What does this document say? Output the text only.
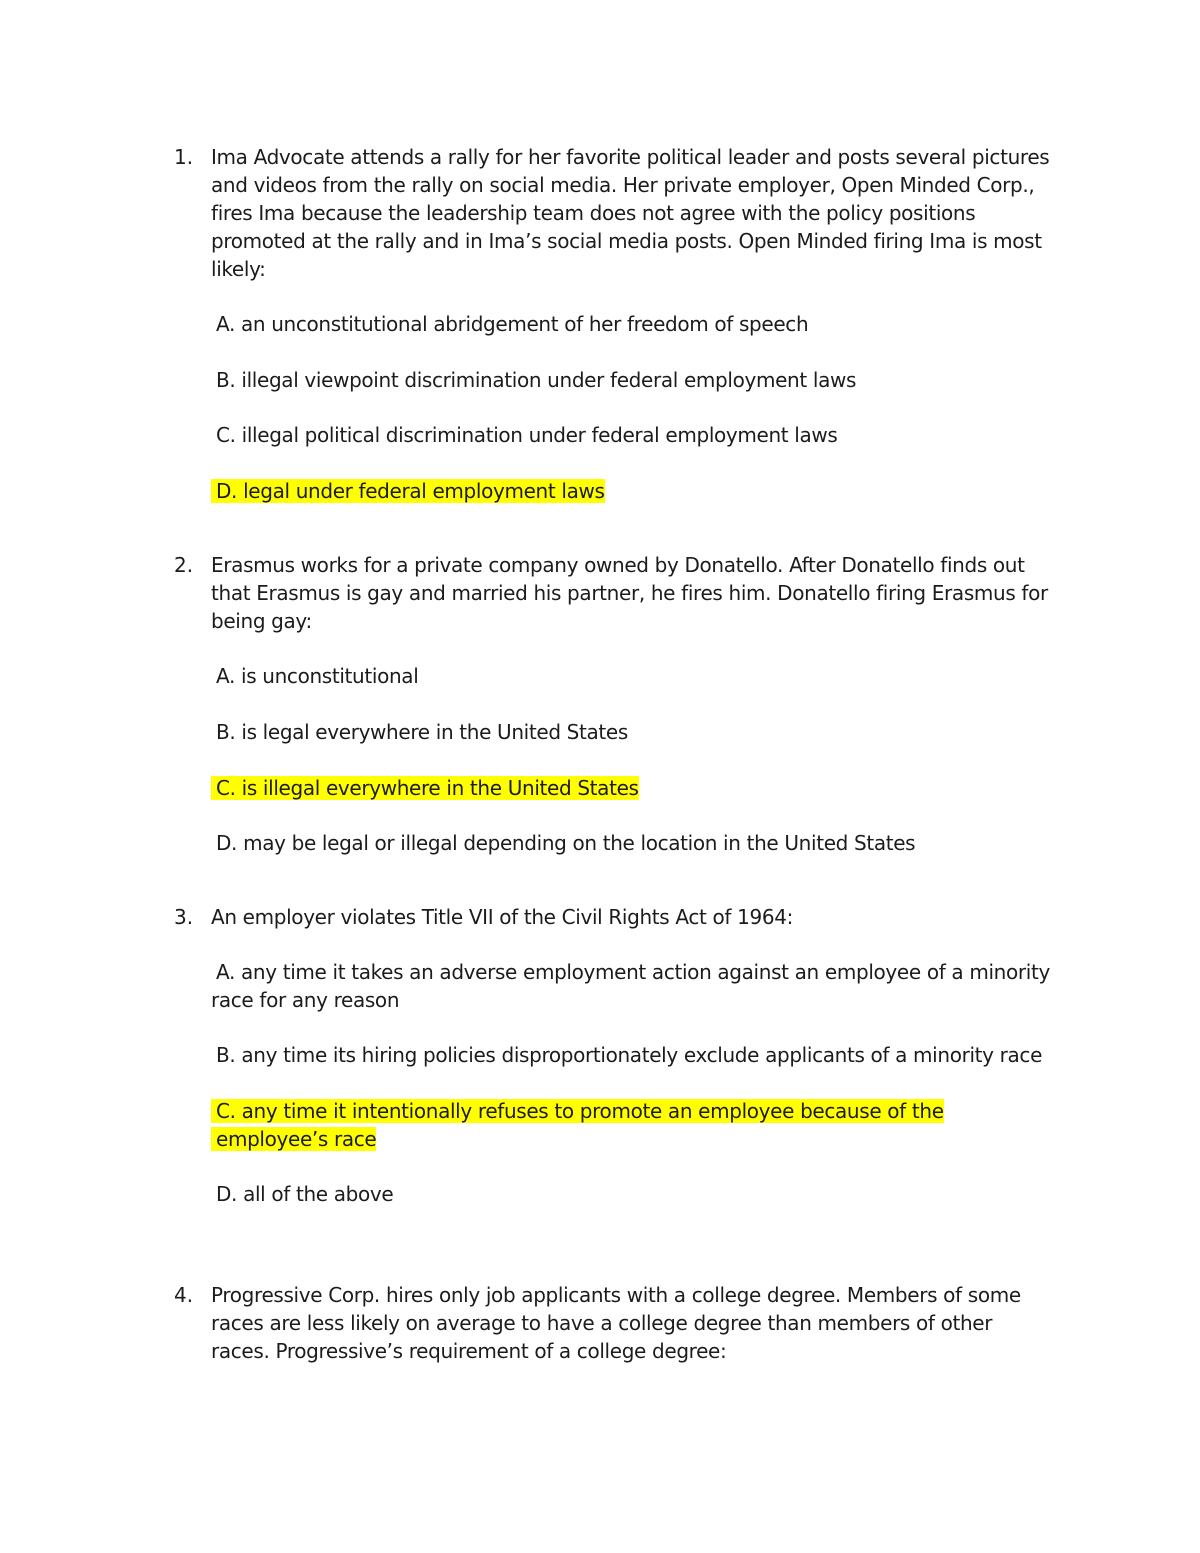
1. Ima Advocate attends a rally for her favorite political leader and posts several pictures and videos from the rally on social media. Her private employer, Open Minded Corp., fires Ima because the leadership team does not agree with the policy positions promoted at the rally and in Ima’s social media posts. Open Minded firing Ima is most likely:
A. an unconstitutional abridgement of her freedom of speech
B. illegal viewpoint discrimination under federal employment laws
C. illegal political discrimination under federal employment laws
D. legal under federal employment laws
2. Erasmus works for a private company owned by Donatello. After Donatello finds out that Erasmus is gay and married his partner, he fires him. Donatello firing Erasmus for being gay:
A. is unconstitutional
B. is legal everywhere in the United States
C. is illegal everywhere in the United States
D. may be legal or illegal depending on the location in the United States
3. An employer violates Title VII of the Civil Rights Act of 1964:
A. any time it takes an adverse employment action against an employee of a minority race for any reason
B. any time its hiring policies disproportionately exclude applicants of a minority race
C. any time it intentionally refuses to promote an employee because of the employee’s race
D. all of the above
4. Progressive Corp. hires only job applicants with a college degree. Members of some races are less likely on average to have a college degree than members of other races. Progressive’s requirement of a college degree:
